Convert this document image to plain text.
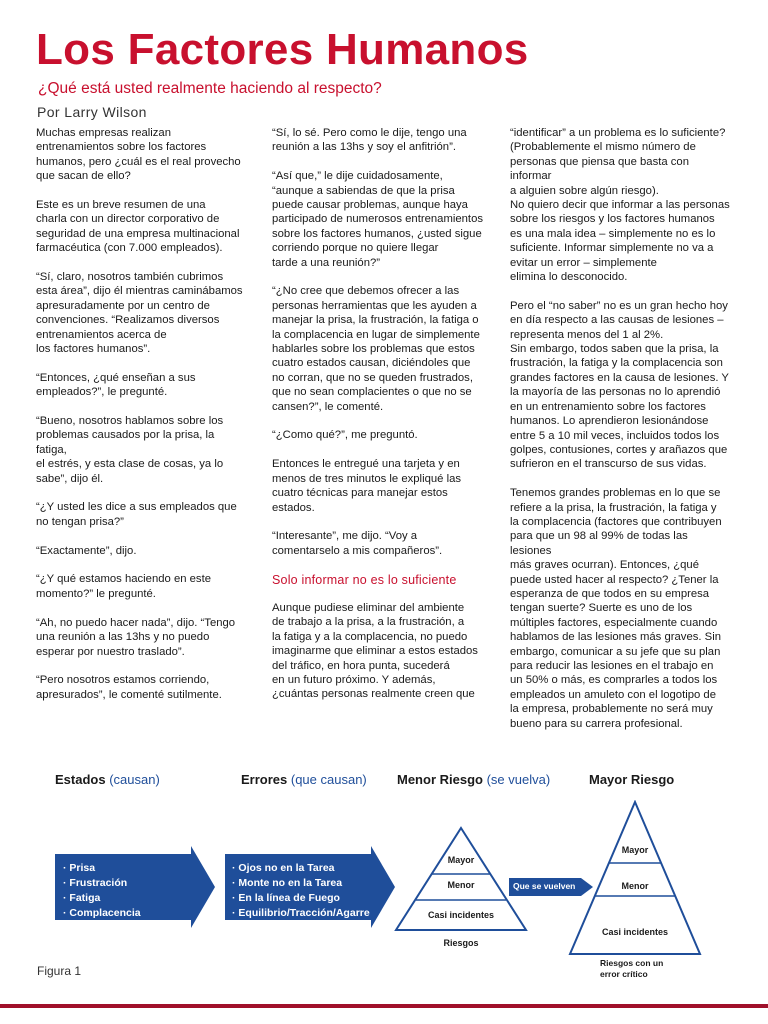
Los Factores Humanos
¿Qué está usted realmente haciendo al respecto?
Por Larry Wilson

Muchas empresas realizan
entrenamientos sobre los factores
humanos, pero ¿cuál es el real provecho
que sacan de ello?

Este es un breve resumen de una
charla con un director corporativo de
seguridad de una empresa multinacional
farmacéutica (con 7.000 empleados).

“Sí, claro, nosotros también cubrimos
esta área”, dijo él mientras caminábamos
apresuradamente por un centro de
convenciones. “Realizamos diversos
entrenamientos acerca de
los factores humanos”.

“Entonces, ¿qué enseñan a sus
empleados?”, le pregunté.

“Bueno, nosotros hablamos sobre los
problemas causados por la prisa, la fatiga,
el estrés, y esta clase de cosas, ya lo
sabe”, dijo él.

“¿Y usted les dice a sus empleados que
no tengan prisa?”

“Exactamente”, dijo.

“¿Y qué estamos haciendo en este
momento?” le pregunté.

“Ah, no puedo hacer nada”, dijo. “Tengo
una reunión a las 13hs y no puedo
esperar por nuestro traslado”.

“Pero nosotros estamos corriendo,
apresurados”, le comenté sutilmente.

“Sí, lo sé. Pero como le dije, tengo una
reunión a las 13hs y soy el anfitrión”.

“Así que,” le dije cuidadosamente,
“aunque a sabiendas de que la prisa
puede causar problemas, aunque haya
participado de numerosos entrenamientos
sobre los factores humanos, ¿usted sigue
corriendo porque no quiere llegar
tarde a una reunión?”

“¿No cree que debemos ofrecer a las
personas herramientas que les ayuden a
manejar la prisa, la frustración, la fatiga o
la complacencia en lugar de simplemente
hablarles sobre los problemas que estos
cuatro estados causan, diciéndoles que
no corran, que no se queden frustrados,
que no sean complacientes o que no se
cansen?”, le comenté.

“¿Como qué?”, me preguntó.

Entonces le entregué una tarjeta y en
menos de tres minutos le expliqué las
cuatro técnicas para manejar estos
estados.

“Interesante”, me dijo. “Voy a
comentarselo a mis compañeros”.

Solo informar no es lo suficiente

Aunque pudiese eliminar del ambiente
de trabajo a la prisa, a la frustración, a
la fatiga y a la complacencia, no puedo
imaginarme que eliminar a estos estados
del tráfico, en hora punta, sucederá
en un futuro próximo. Y además,
¿cuántas personas realmente creen que

“identificar” a un problema es lo suficiente?
(Probablemente el mismo número de
personas que piensa que basta con informar
a alguien sobre algún riesgo).
No quiero decir que informar a las personas
sobre los riesgos y los factores humanos
es una mala idea – simplemente no es lo
suficiente. Informar simplemente no va a
evitar un error – simplemente
elimina lo desconocido.

Pero el “no saber” no es un gran hecho hoy
en día respecto a las causas de lesiones –
representa menos del 1 al 2%.
Sin embargo, todos saben que la prisa, la
frustración, la fatiga y la complacencia son
grandes factores en la causa de lesiones. Y
la mayoría de las personas no lo aprendió
en un entrenamiento sobre los factores
humanos. Lo aprendieron lesionándose
entre 5 a 10 mil veces, incluidos todos los
golpes, contusiones, cortes y arañazos que
sufrieron en el transcurso de sus vidas.

Tenemos grandes problemas en lo que se
refiere a la prisa, la frustración, la fatiga y
la complacencia (factores que contribuyen
para que un 98 al 99% de todas las lesiones
más graves ocurran). Entonces, ¿qué
puede usted hacer al respecto? ¿Tener la
esperanza de que todos en su empresa
tengan suerte? Suerte es uno de los
múltiples factores, especialmente cuando
hablamos de las lesiones más graves. Sin
embargo, comunicar a su jefe que su plan
para reducir las lesiones en el trabajo en
un 50% o más, es comprarles a todos los
empleados un amuleto con el logotipo de
la empresa, probablemente no será muy
bueno para su carrera profesional.

Estados (causan)	Errores (que causan) Menor Riesgo (se vuelva)	Mayor Riesgo
· Prisa
· Frustración
· Fatiga
· Complacencia
· Ojos no en la Tarea
· Monte no en la Tarea
· En la línea de Fuego
· Equilibrio/Tracción/Agarre
Mayor
Menor
Casi incidentes
Riesgos
Que se vuelven
Mayor
Menor
Casi incidentes
Riesgos con un
error crítico
Figura 1
